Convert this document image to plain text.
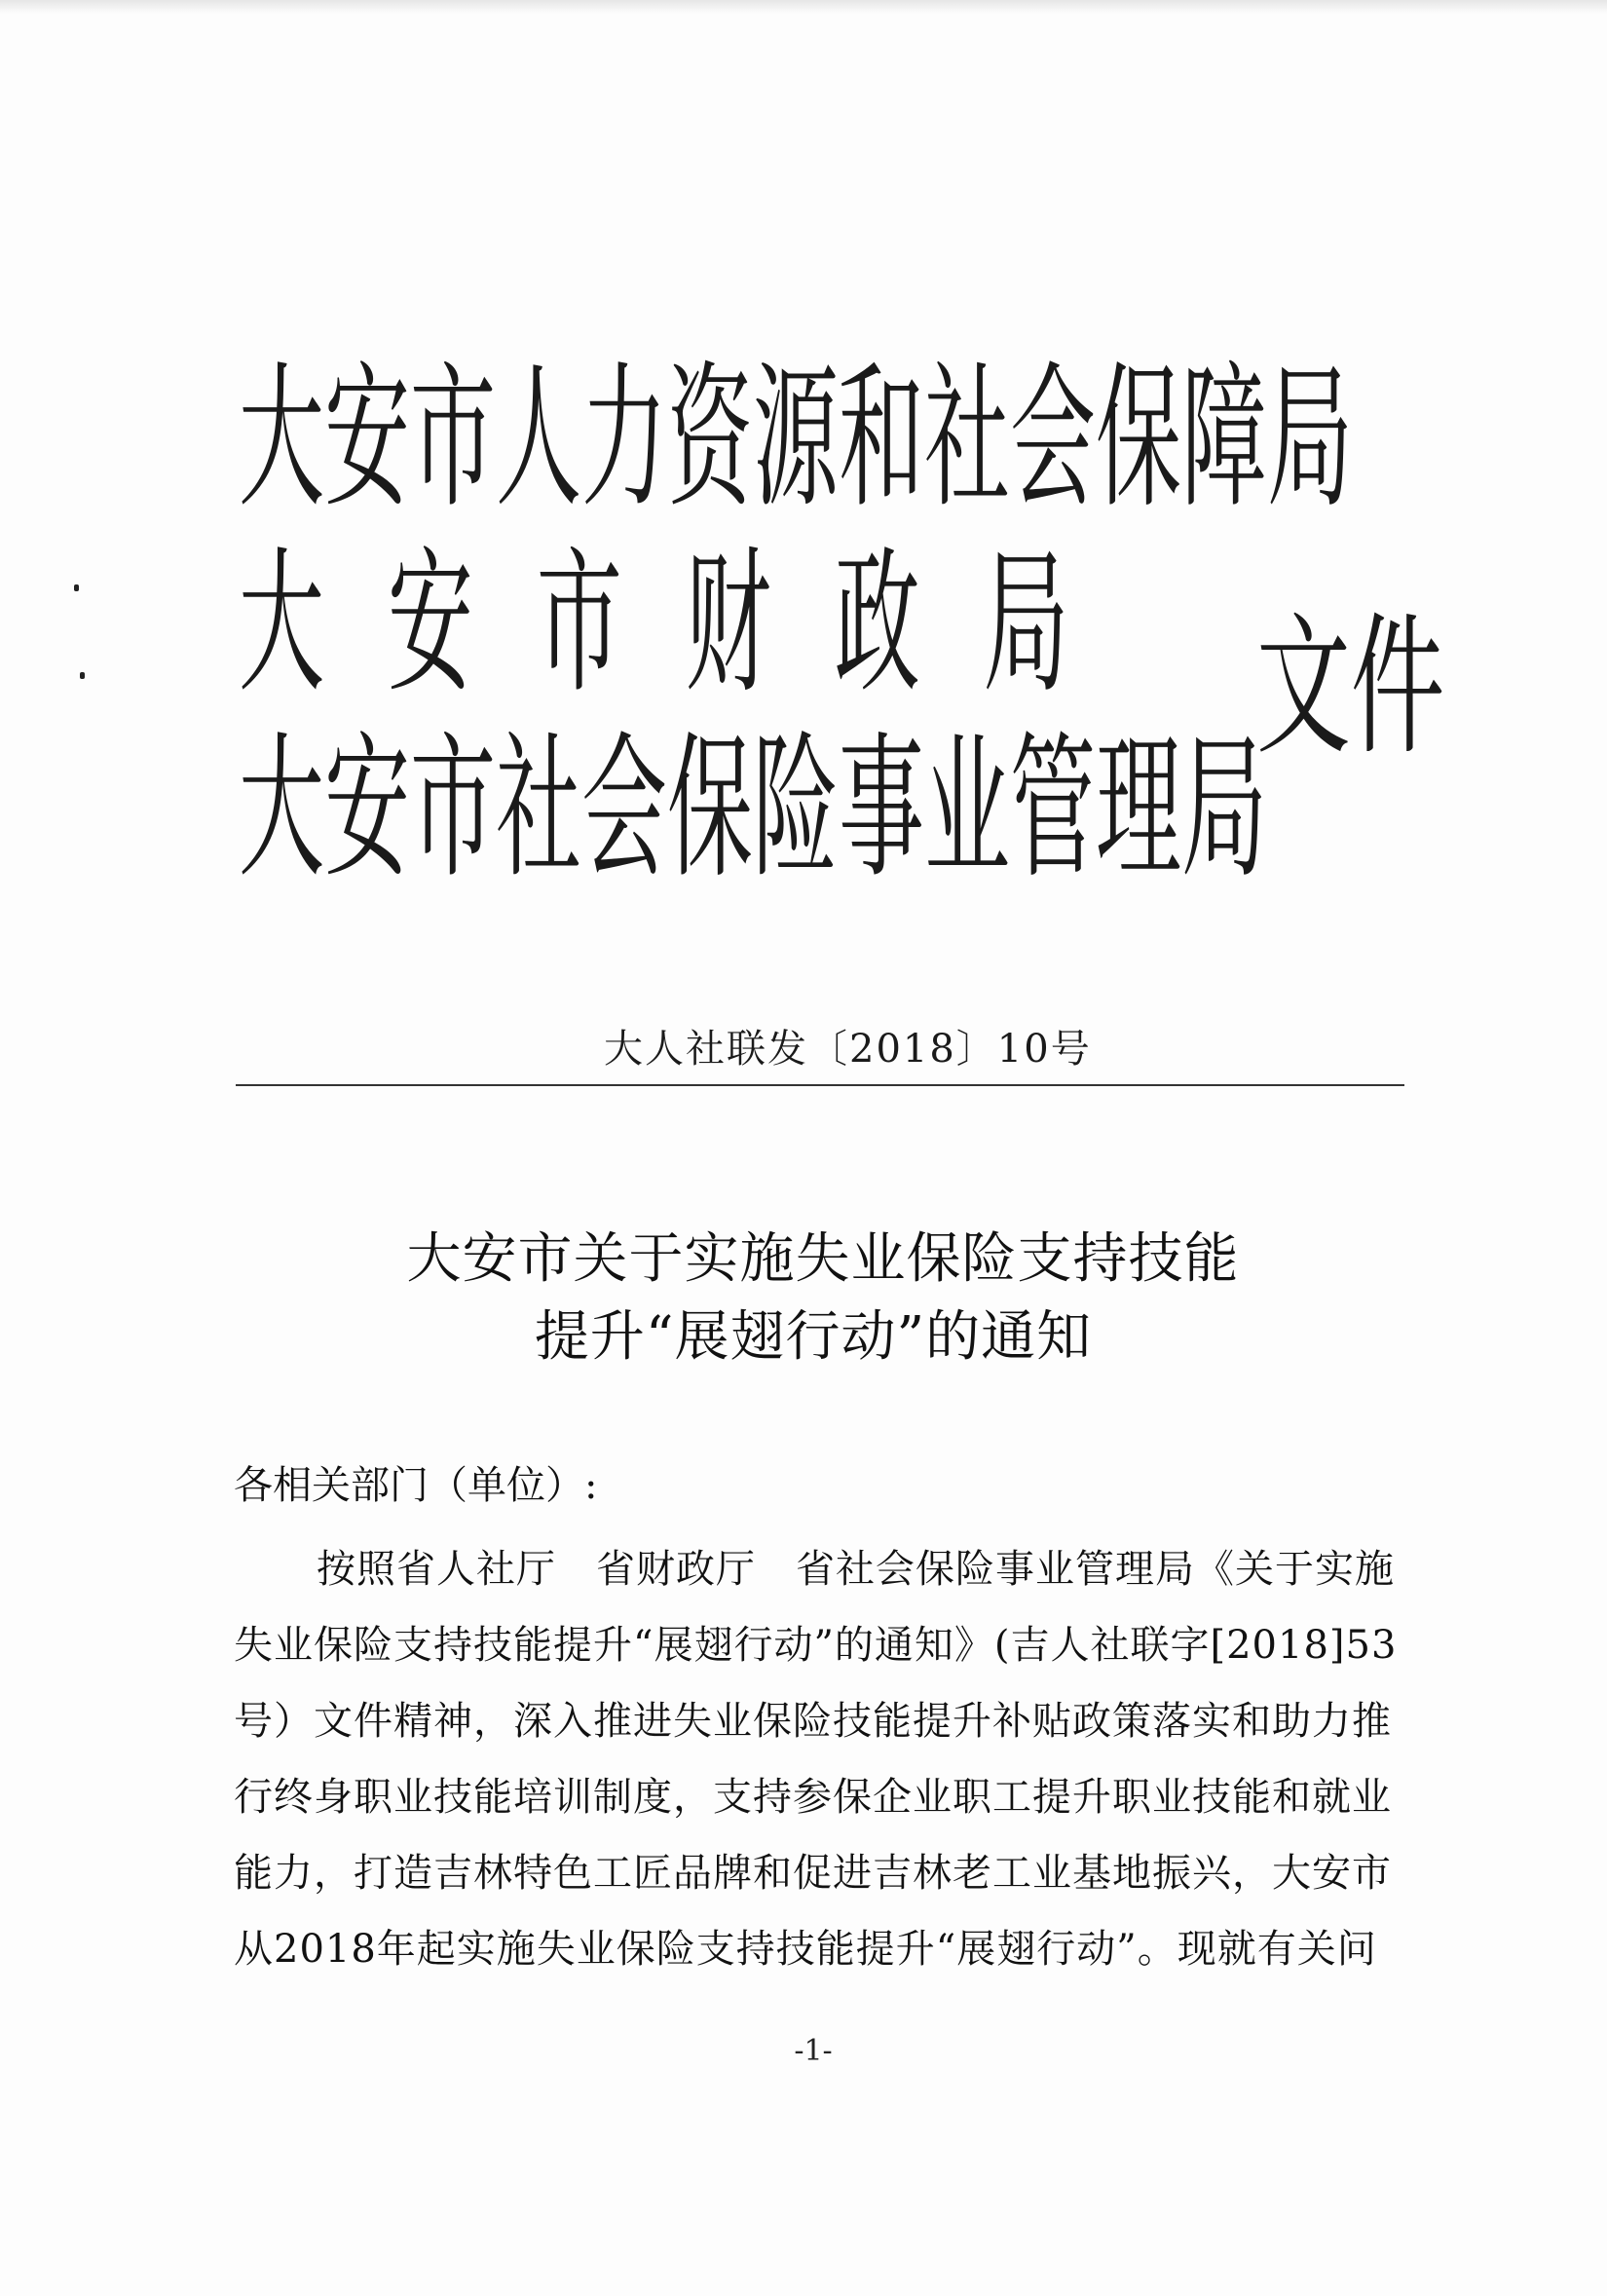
大安市人力资源和社会保障局
大安市财政局
大安市社会保险事业管理局
文件
大人社联发〔2018〕10号
大安市关于实施失业保险支持技能
提升“展翅行动”的通知
各相关部门（单位）:
按照省人社厅　省财政厅　省社会保险事业管理局《关于实施
失业保险支持技能提升“展翅行动”的通知》(吉人社联字[2018]53
号）文件精神，深入推进失业保险技能提升补贴政策落实和助力推
行终身职业技能培训制度，支持参保企业职工提升职业技能和就业
能力，打造吉林特色工匠品牌和促进吉林老工业基地振兴，大安市
从2018年起实施失业保险支持技能提升“展翅行动”。现就有关问
-1-
